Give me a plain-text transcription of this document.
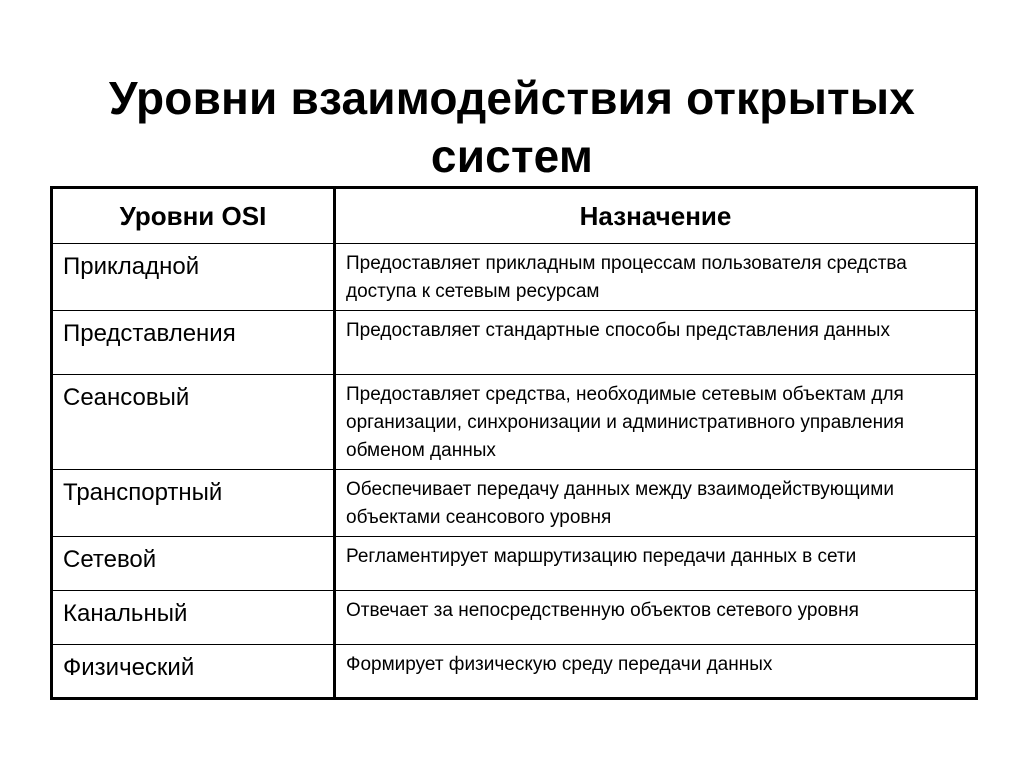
Уровни взаимодействия открытых
систем
Уровни OSI	Назначение
Прикладной	Предоставляет прикладным процессам пользователя средства доступа к сетевым ресурсам
Представления	Предоставляет стандартные способы представления данных
Сеансовый	Предоставляет средства, необходимые сетевым объектам для организации, синхронизации и административного управления обменом данных
Транспортный	Обеспечивает передачу данных между взаимодействующими объектами сеансового уровня
Сетевой	Регламентирует маршрутизацию передачи данных в сети
Канальный	Отвечает за непосредственную объектов сетевого уровня
Физический	Формирует физическую среду передачи данных
